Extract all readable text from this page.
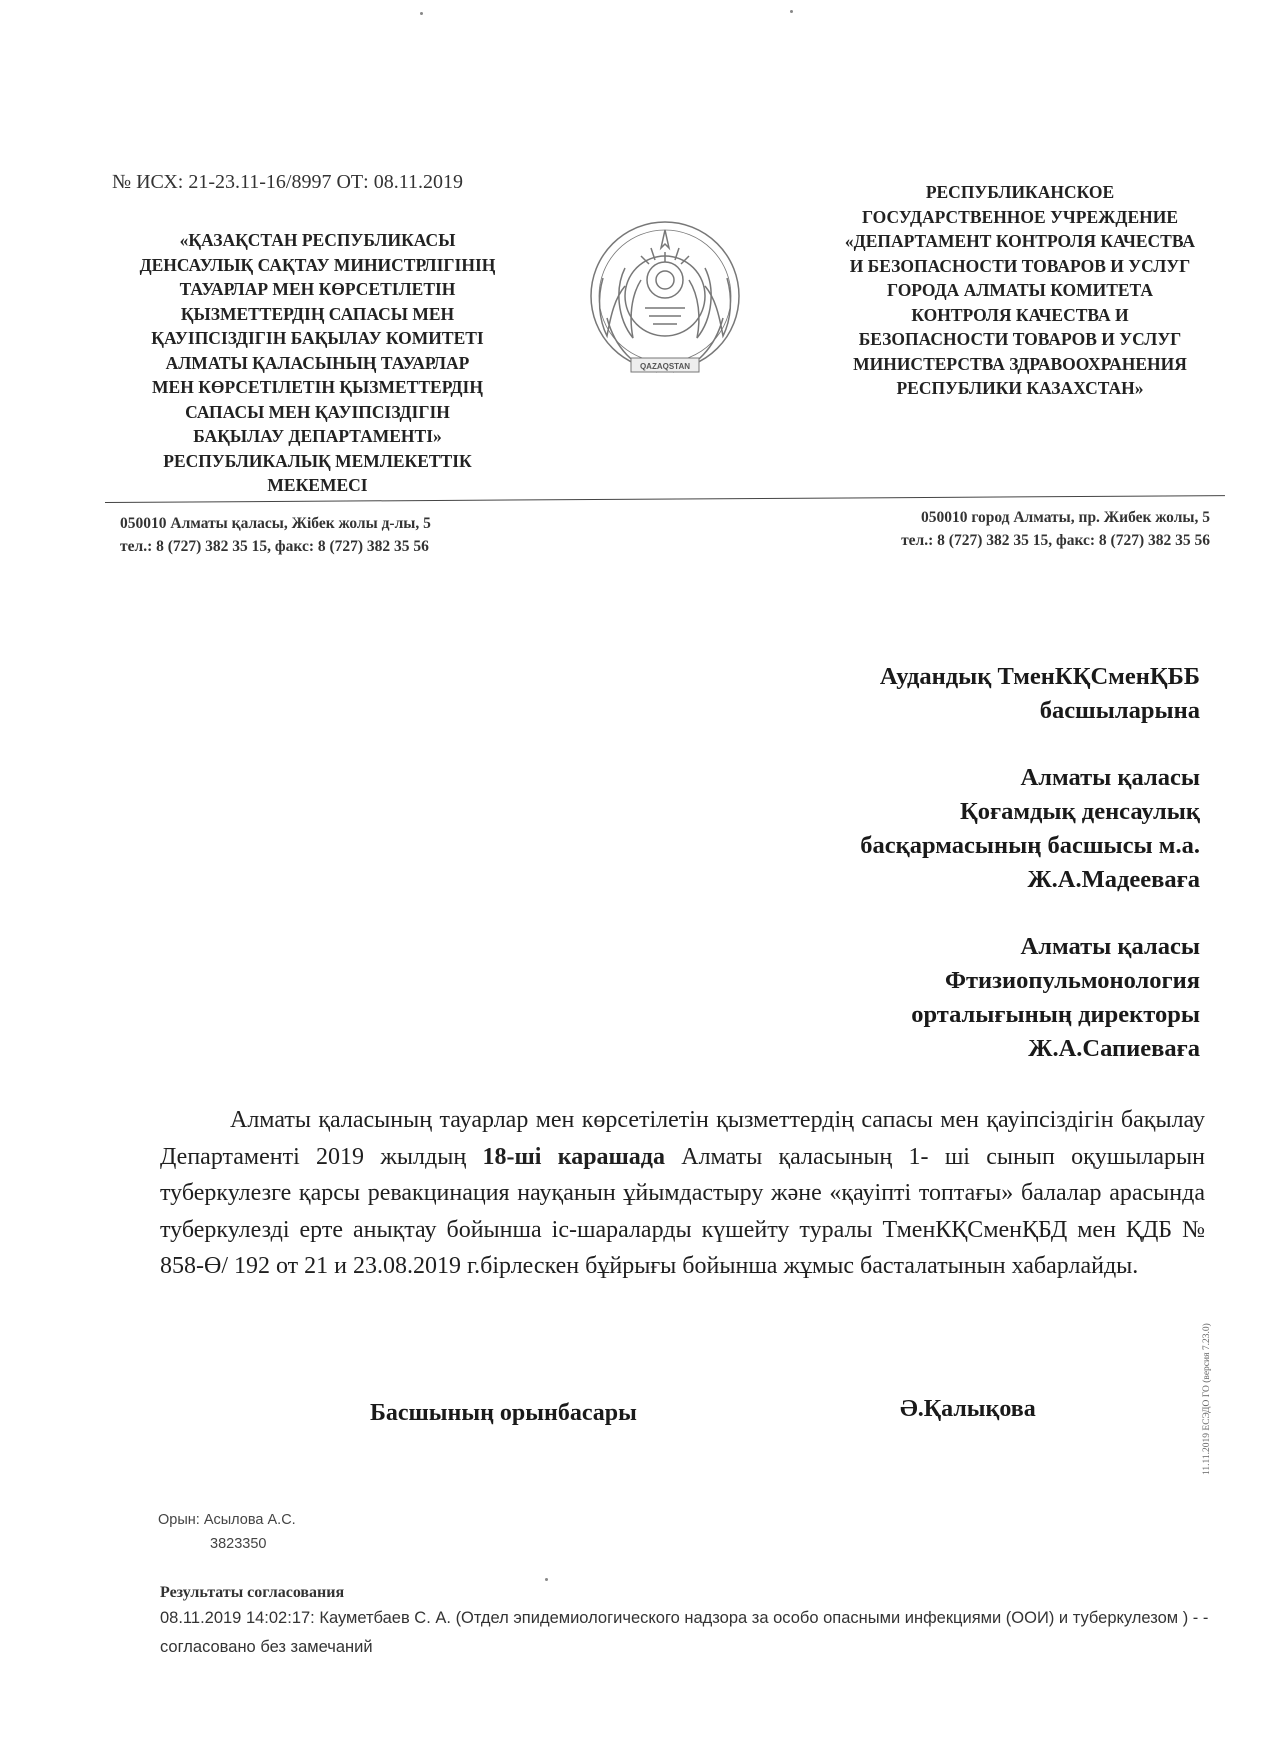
№ ИСХ: 21-23.11-16/8997 ОТ: 08.11.2019
«ҚАЗАҚСТАН РЕСПУБЛИКАСЫ
ДЕНСАУЛЫҚ САҚТАУ МИНИСТРЛІГІНІҢ
ТАУАРЛАР МЕН КӨРСЕТІЛЕТІН
ҚЫЗМЕТТЕРДІҢ САПАСЫ МЕН
ҚАУІПСІЗДІГІН БАҚЫЛАУ КОМИТЕТІ
АЛМАТЫ ҚАЛАСЫНЫҢ ТАУАРЛАР
МЕН КӨРСЕТІЛЕТІН ҚЫЗМЕТТЕРДІҢ
САПАСЫ МЕН ҚАУІПСІЗДІГІН
БАҚЫЛАУ ДЕПАРТАМЕНТІ»
РЕСПУБЛИКАЛЫҚ МЕМЛЕКЕТТІК
МЕКЕМЕСІ
QAZAQSTAN
РЕСПУБЛИКАНСКОЕ
ГОСУДАРСТВЕННОЕ УЧРЕЖДЕНИЕ
«ДЕПАРТАМЕНТ КОНТРОЛЯ КАЧЕСТВА
И БЕЗОПАСНОСТИ ТОВАРОВ И УСЛУГ
ГОРОДА АЛМАТЫ КОМИТЕТА
КОНТРОЛЯ КАЧЕСТВА И
БЕЗОПАСНОСТИ ТОВАРОВ И УСЛУГ
МИНИСТЕРСТВА ЗДРАВООХРАНЕНИЯ
РЕСПУБЛИКИ КАЗАХСТАН»
050010 Алматы қаласы, Жібек жолы д-лы, 5
тел.: 8 (727) 382 35 15, факс: 8 (727) 382 35 56
050010 город Алматы, пр. Жибек жолы, 5
тел.: 8 (727) 382 35 15, факс: 8 (727) 382 35 56
Аудандық ТменКҚСменҚББ
басшыларына
Алматы қаласы
Қоғамдық денсаулық
басқармасының басшысы м.а.
Ж.А.Мадееваға
Алматы қаласы
Фтизиопульмонология
орталығының директоры
Ж.А.Сапиеваға
Алматы қаласының тауарлар мен көрсетілетін қызметтердің сапасы мен қауіпсіздігін бақылау Департаменті 2019 жылдың 18-ші карашада Алматы қаласының 1- ші сынып оқушыларын туберкулезге қарсы ревакцинация науқанын ұйымдастыру және «қауіпті топтағы» балалар арасында туберкулезді ерте анықтау бойынша іс-шараларды күшейту туралы ТменКҚСменҚБД мен ҚДБ № 858-Ө/ 192 от 21 и 23.08.2019 г.бірлескен бұйрығы бойынша жұмыс басталатынын хабарлайды.
Басшының орынбасары	Ә.Қалықова
Орын: Асылова А.С.
3823350
Результаты согласования
08.11.2019 14:02:17: Кауметбаев С. А. (Отдел эпидемиологического надзора за особо опасными инфекциями (ООИ) и туберкулезом ) - - согласовано без замечаний
11.11.2019 ЕСЭДО ГО (версия 7.23.0)
